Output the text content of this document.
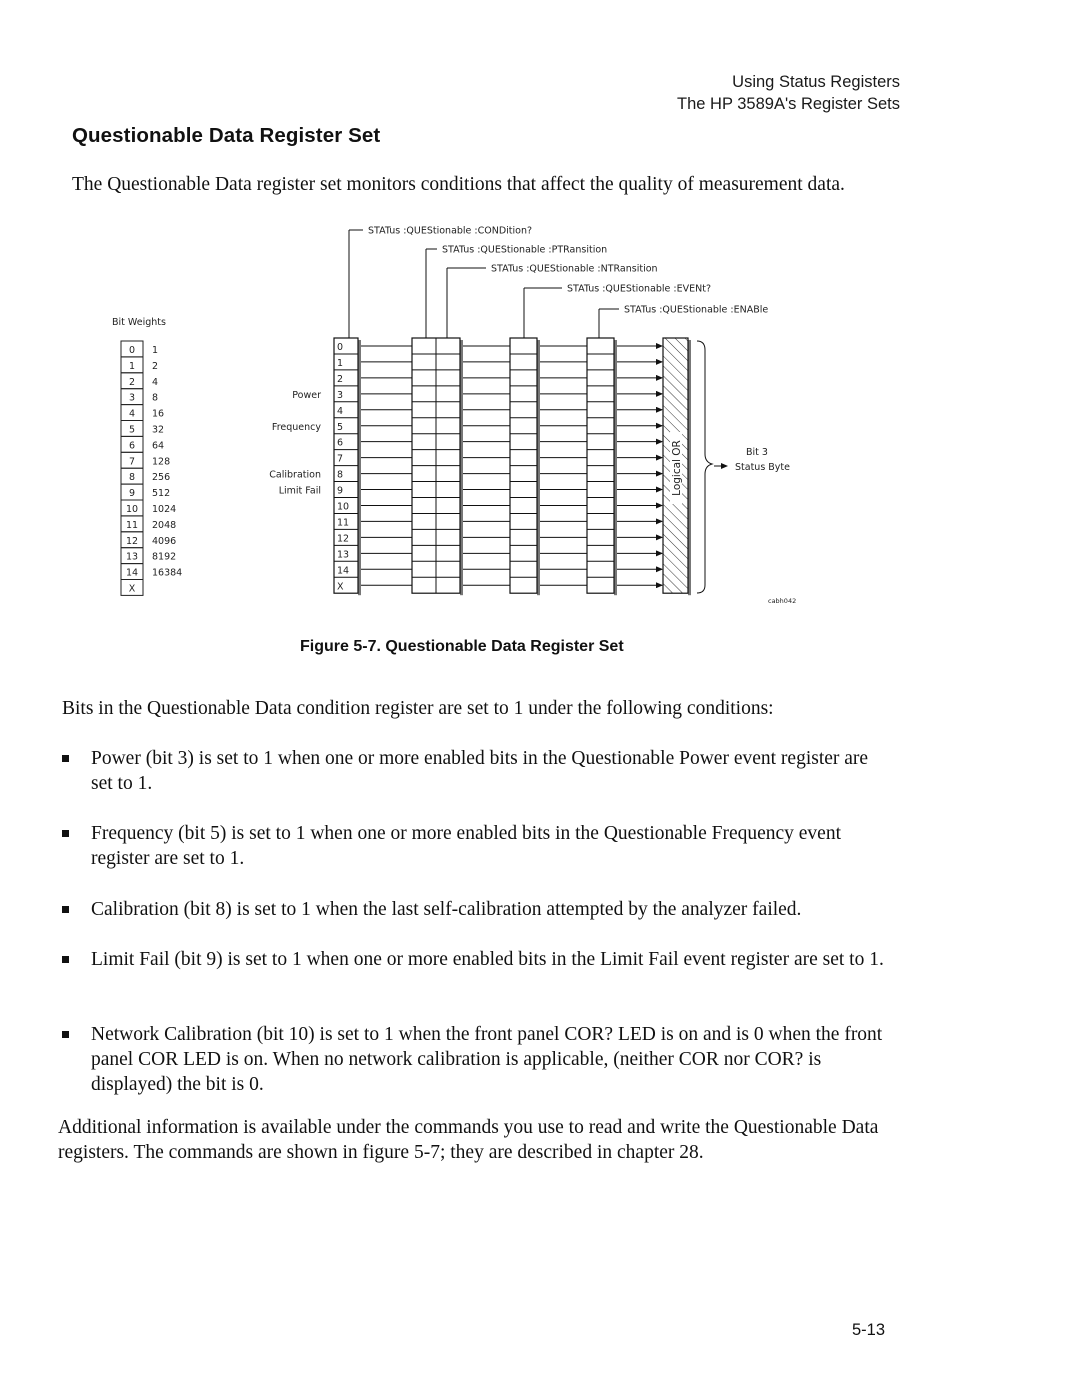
Using Status Registers
The HP 3589A's Register Sets
Questionable Data Register Set
The Questionable Data register set monitors conditions that affect the quality of measurement data.
Bit Weights
0 1
1 2
2 4
3 8
4 16
5 32
6 64
7 128
8 256
9 512
10 1024
11 2048
12 4096
13 8192
14 16384
X
0
1
2
3
4
5
6
7
8
9
10
11
12
13
14
X
Logical OR	Bit 3
Status Byte
cabh042
Power
Frequency
Calibration
Limit Fail
STATus :QUEStionable :CONDition?
STATus :QUEStionable :PTRansition
STATus :QUEStionable :NTRansition
STATus :QUEStionable :EVENt?
STATus :QUEStionable :ENABle
Figure 5-7. Questionable Data Register Set
Bits in the Questionable Data condition register are set to 1 under the following conditions:
Power (bit 3) is set to 1 when one or more enabled bits in the Questionable Power event register are set to 1.
Frequency (bit 5) is set to 1 when one or more enabled bits in the Questionable Frequency event register are set to 1.
Calibration (bit 8) is set to 1 when the last self-calibration attempted by the analyzer failed.
Limit Fail (bit 9) is set to 1 when one or more enabled bits in the Limit Fail event register are set to 1.
Network Calibration (bit 10) is set to 1 when the front panel COR? LED is on and is 0 when the front panel COR LED is on. When no network calibration is applicable, (neither COR nor COR? is displayed) the bit is 0.
Additional information is available under the commands you use to read and write the Questionable Data registers. The commands are shown in figure 5-7; they are described in chapter 28.
5-13
